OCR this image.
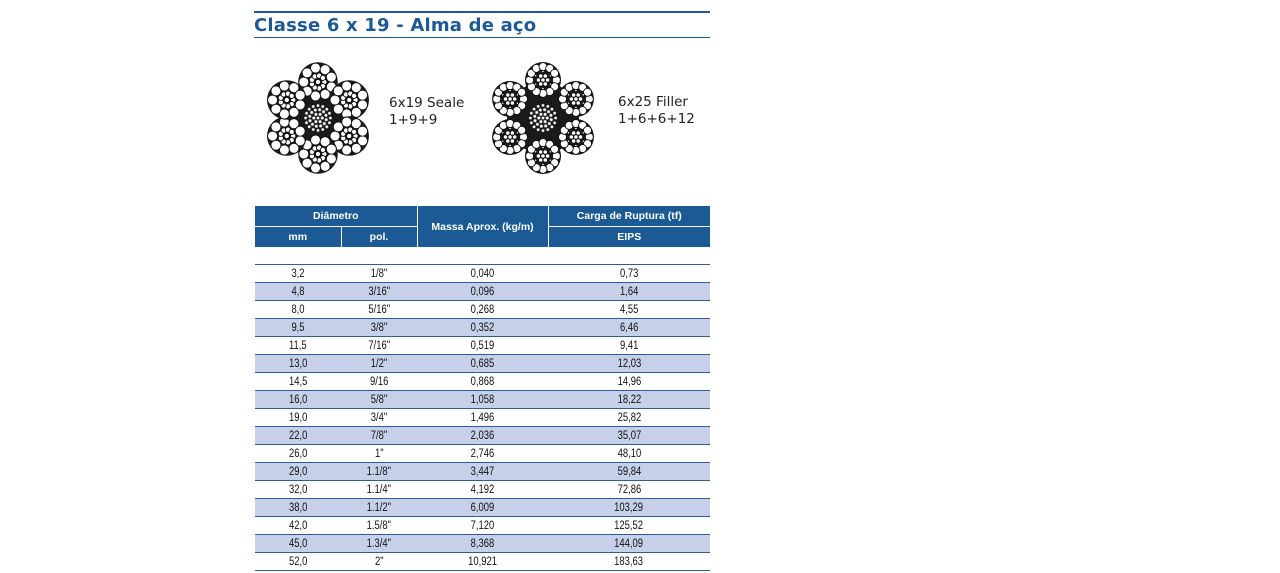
Classe 6 x 19 - Alma de aço
6x19 Seale
1+9+9
6x25 Filler
1+6+6+12
Diâmetro		Massa Aprox. (kg/m)	Carga de Ruptura (tf)
mm	pol.		EIPS

3,2	1/8"	0,040	0,73
4,8	3/16"	0,096	1,64
8,0	5/16"	0,268	4,55
9,5	3/8"	0,352	6,46
11,5	7/16"	0,519	9,41
13,0	1/2"	0,685	12,03
14,5	9/16	0,868	14,96
16,0	5/8"	1,058	18,22
19,0	3/4"	1,496	25,82
22,0	7/8"	2,036	35,07
26,0	1"	2,746	48,10
29,0	1.1/8"	3,447	59,84
32,0	1.1/4"	4,192	72,86
38,0	1.1/2"	6,009	103,29
42,0	1.5/8"	7,120	125,52
45,0	1.3/4"	8,368	144,09
52,0	2"	10,921	183,63
